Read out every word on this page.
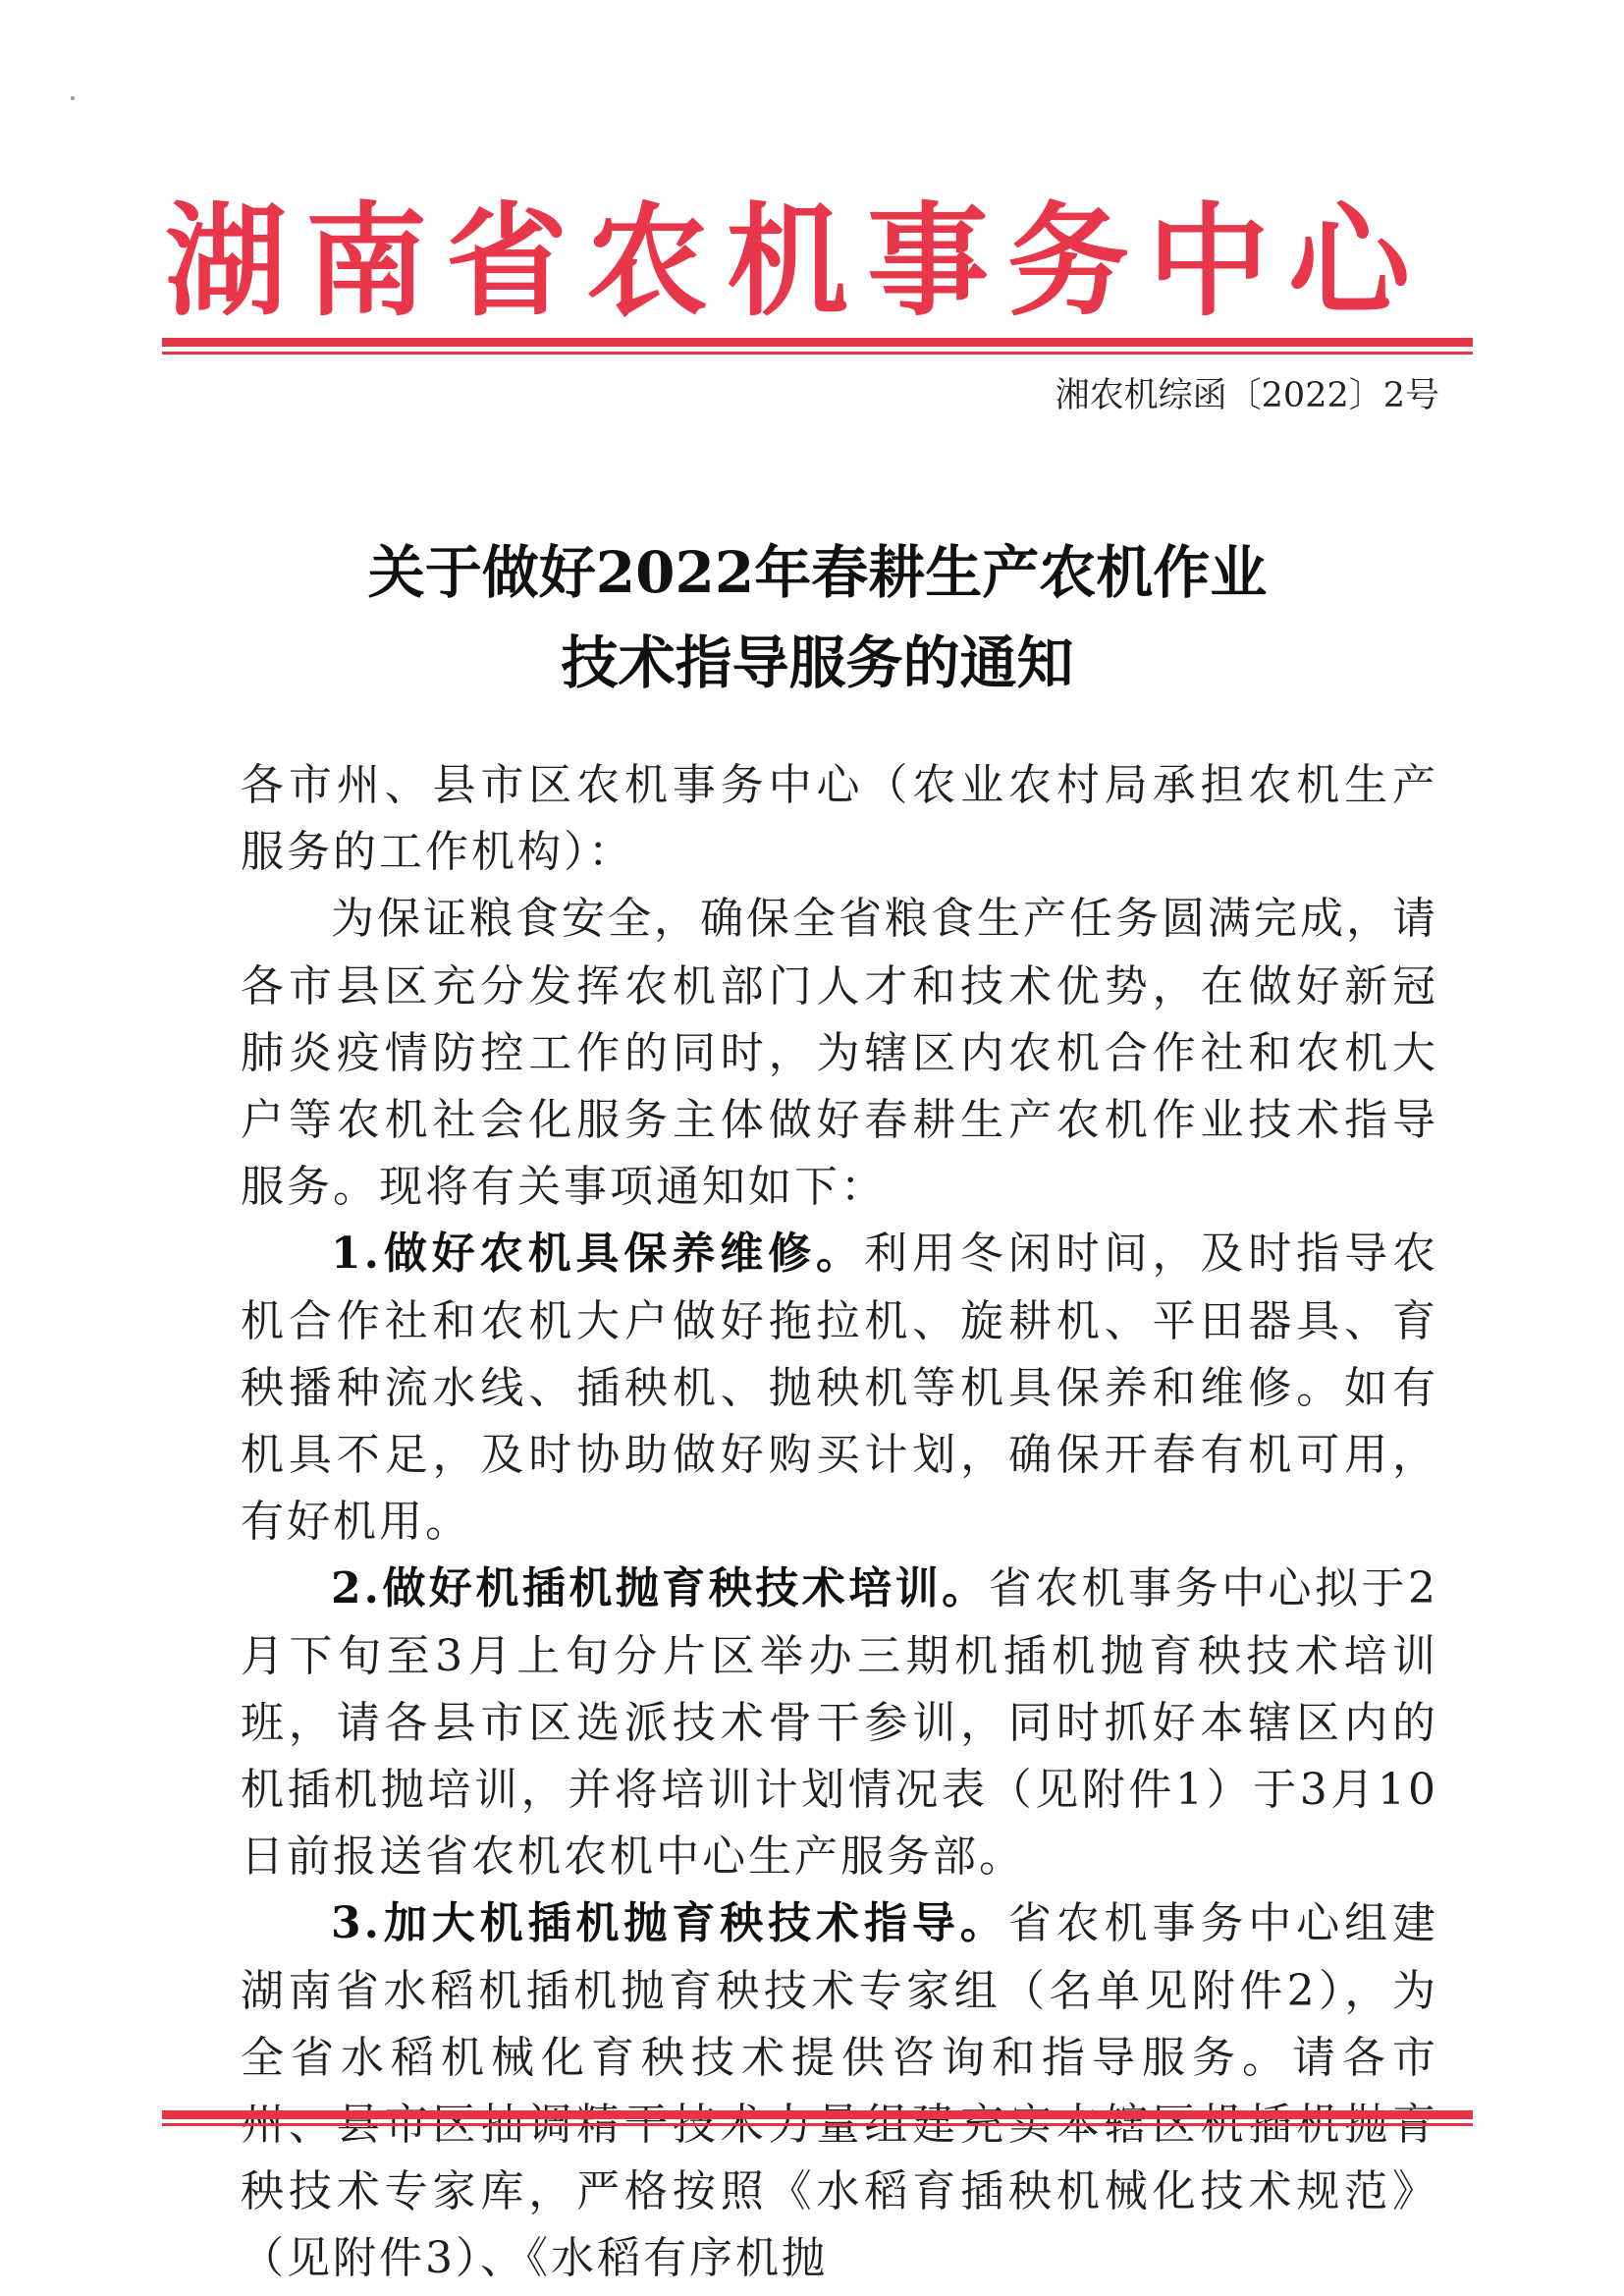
湖南省农机事务中心
湘农机综函〔2022〕2号
关于做好2022年春耕生产农机作业
技术指导服务的通知

各市州、县市区农机事务中心（农业农村局承担农机生产服务的工作机构）：

为保证粮食安全，确保全省粮食生产任务圆满完成，请各市县区充分发挥农机部门人才和技术优势，在做好新冠肺炎疫情防控工作的同时，为辖区内农机合作社和农机大户等农机社会化服务主体做好春耕生产农机作业技术指导服务。现将有关事项通知如下：

1.做好农机具保养维修。利用冬闲时间，及时指导农机合作社和农机大户做好拖拉机、旋耕机、平田器具、育秧播种流水线、插秧机、抛秧机等机具保养和维修。如有机具不足，及时协助做好购买计划，确保开春有机可用，有好机用。

2.做好机插机抛育秧技术培训。省农机事务中心拟于2月下旬至3月上旬分片区举办三期机插机抛育秧技术培训班，请各县市区选派技术骨干参训，同时抓好本辖区内的机插机抛培训，并将培训计划情况表（见附件1）于3月10日前报送省农机农机中心生产服务部。

3.加大机插机抛育秧技术指导。省农机事务中心组建湖南省水稻机插机抛育秧技术专家组（名单见附件2），为全省水稻机械化育秧技术提供咨询和指导服务。请各市 秧技术专家库，严格按照《水稻育插秧机械化技术规范》（见附件3）、《水稻有序机抛
